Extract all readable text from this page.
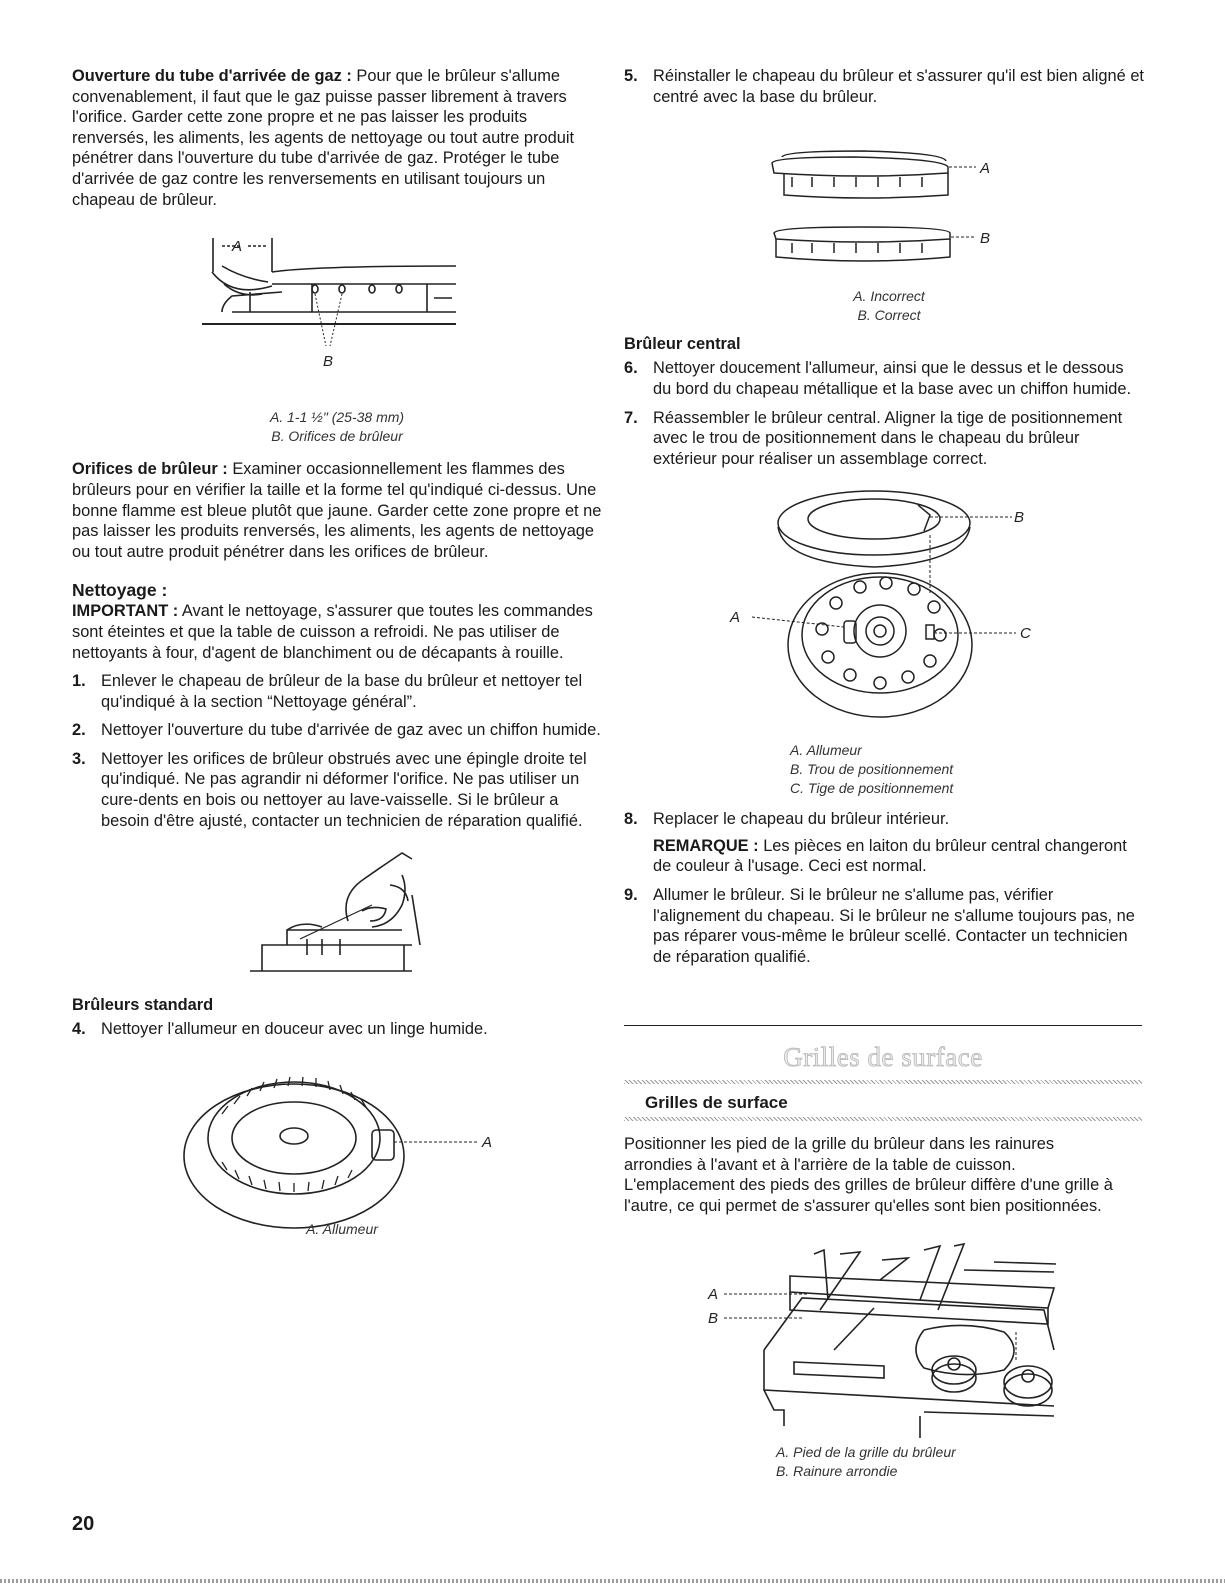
Ouverture du tube d'arrivée de gaz : Pour que le brûleur s'allume convenablement, il faut que le gaz puisse passer librement à travers l'orifice. Garder cette zone propre et ne pas laisser les produits renversés, les aliments, les agents de nettoyage ou tout autre produit pénétrer dans l'ouverture du tube d'arrivée de gaz. Protéger le tube d'arrivée de gaz contre les renversements en utilisant toujours un chapeau de brûleur.

A
B
A. 1-1 ½" (25-38 mm)
B. Orifices de brûleur

Orifices de brûleur : Examiner occasionnellement les flammes des brûleurs pour en vérifier la taille et la forme tel qu'indiqué ci-dessus. Une bonne flamme est bleue plutôt que jaune. Garder cette zone propre et ne pas laisser les produits renversés, les aliments, les agents de nettoyage ou tout autre produit pénétrer dans les orifices de brûleur.

Nettoyage :

IMPORTANT : Avant le nettoyage, s'assurer que toutes les commandes sont éteintes et que la table de cuisson a refroidi. Ne pas utiliser de nettoyants à four, d'agent de blanchiment ou de décapants à rouille.

1. Enlever le chapeau de brûleur de la base du brûleur et nettoyer tel qu'indiqué à la section “Nettoyage général”.
2. Nettoyer l'ouverture du tube d'arrivée de gaz avec un chiffon humide.
3. Nettoyer les orifices de brûleur obstrués avec une épingle droite tel qu'indiqué. Ne pas agrandir ni déformer l'orifice. Ne pas utiliser un cure-dents en bois ou nettoyer au lave-vaisselle. Si le brûleur a besoin d'être ajusté, contacter un technicien de réparation qualifié.
Brûleurs standard
4. Nettoyer l'allumeur en douceur avec un linge humide.
A
A. Allumeur
5. Réinstaller le chapeau du brûleur et s'assurer qu'il est bien aligné et centré avec la base du brûleur.
A
B
A. Incorrect
B. Correct
Brûleur central
6. Nettoyer doucement l'allumeur, ainsi que le dessus et le dessous du bord du chapeau métallique et la base avec un chiffon humide.
7. Réassembler le brûleur central. Aligner la tige de positionnement avec le trou de positionnement dans le chapeau du brûleur extérieur pour réaliser un assemblage correct.
B
A
C
A. Allumeur
B. Trou de positionnement
C. Tige de positionnement
8. Replacer le chapeau du brûleur intérieur.
REMARQUE : Les pièces en laiton du brûleur central changeront de couleur à l'usage. Ceci est normal.
9. Allumer le brûleur. Si le brûleur ne s'allume pas, vérifier l'alignement du chapeau. Si le brûleur ne s'allume toujours pas, ne pas réparer vous-même le brûleur scellé. Contacter un technicien de réparation qualifié.
Grilles de surface
Grilles de surface

Positionner les pied de la grille du brûleur dans les rainures arrondies à l'avant et à l'arrière de la table de cuisson. L'emplacement des pieds des grilles de brûleur diffère d'une grille à l'autre, ce qui permet de s'assurer qu'elles sont bien positionnées.

A
B
A. Pied de la grille du brûleur
B. Rainure arrondie
20
